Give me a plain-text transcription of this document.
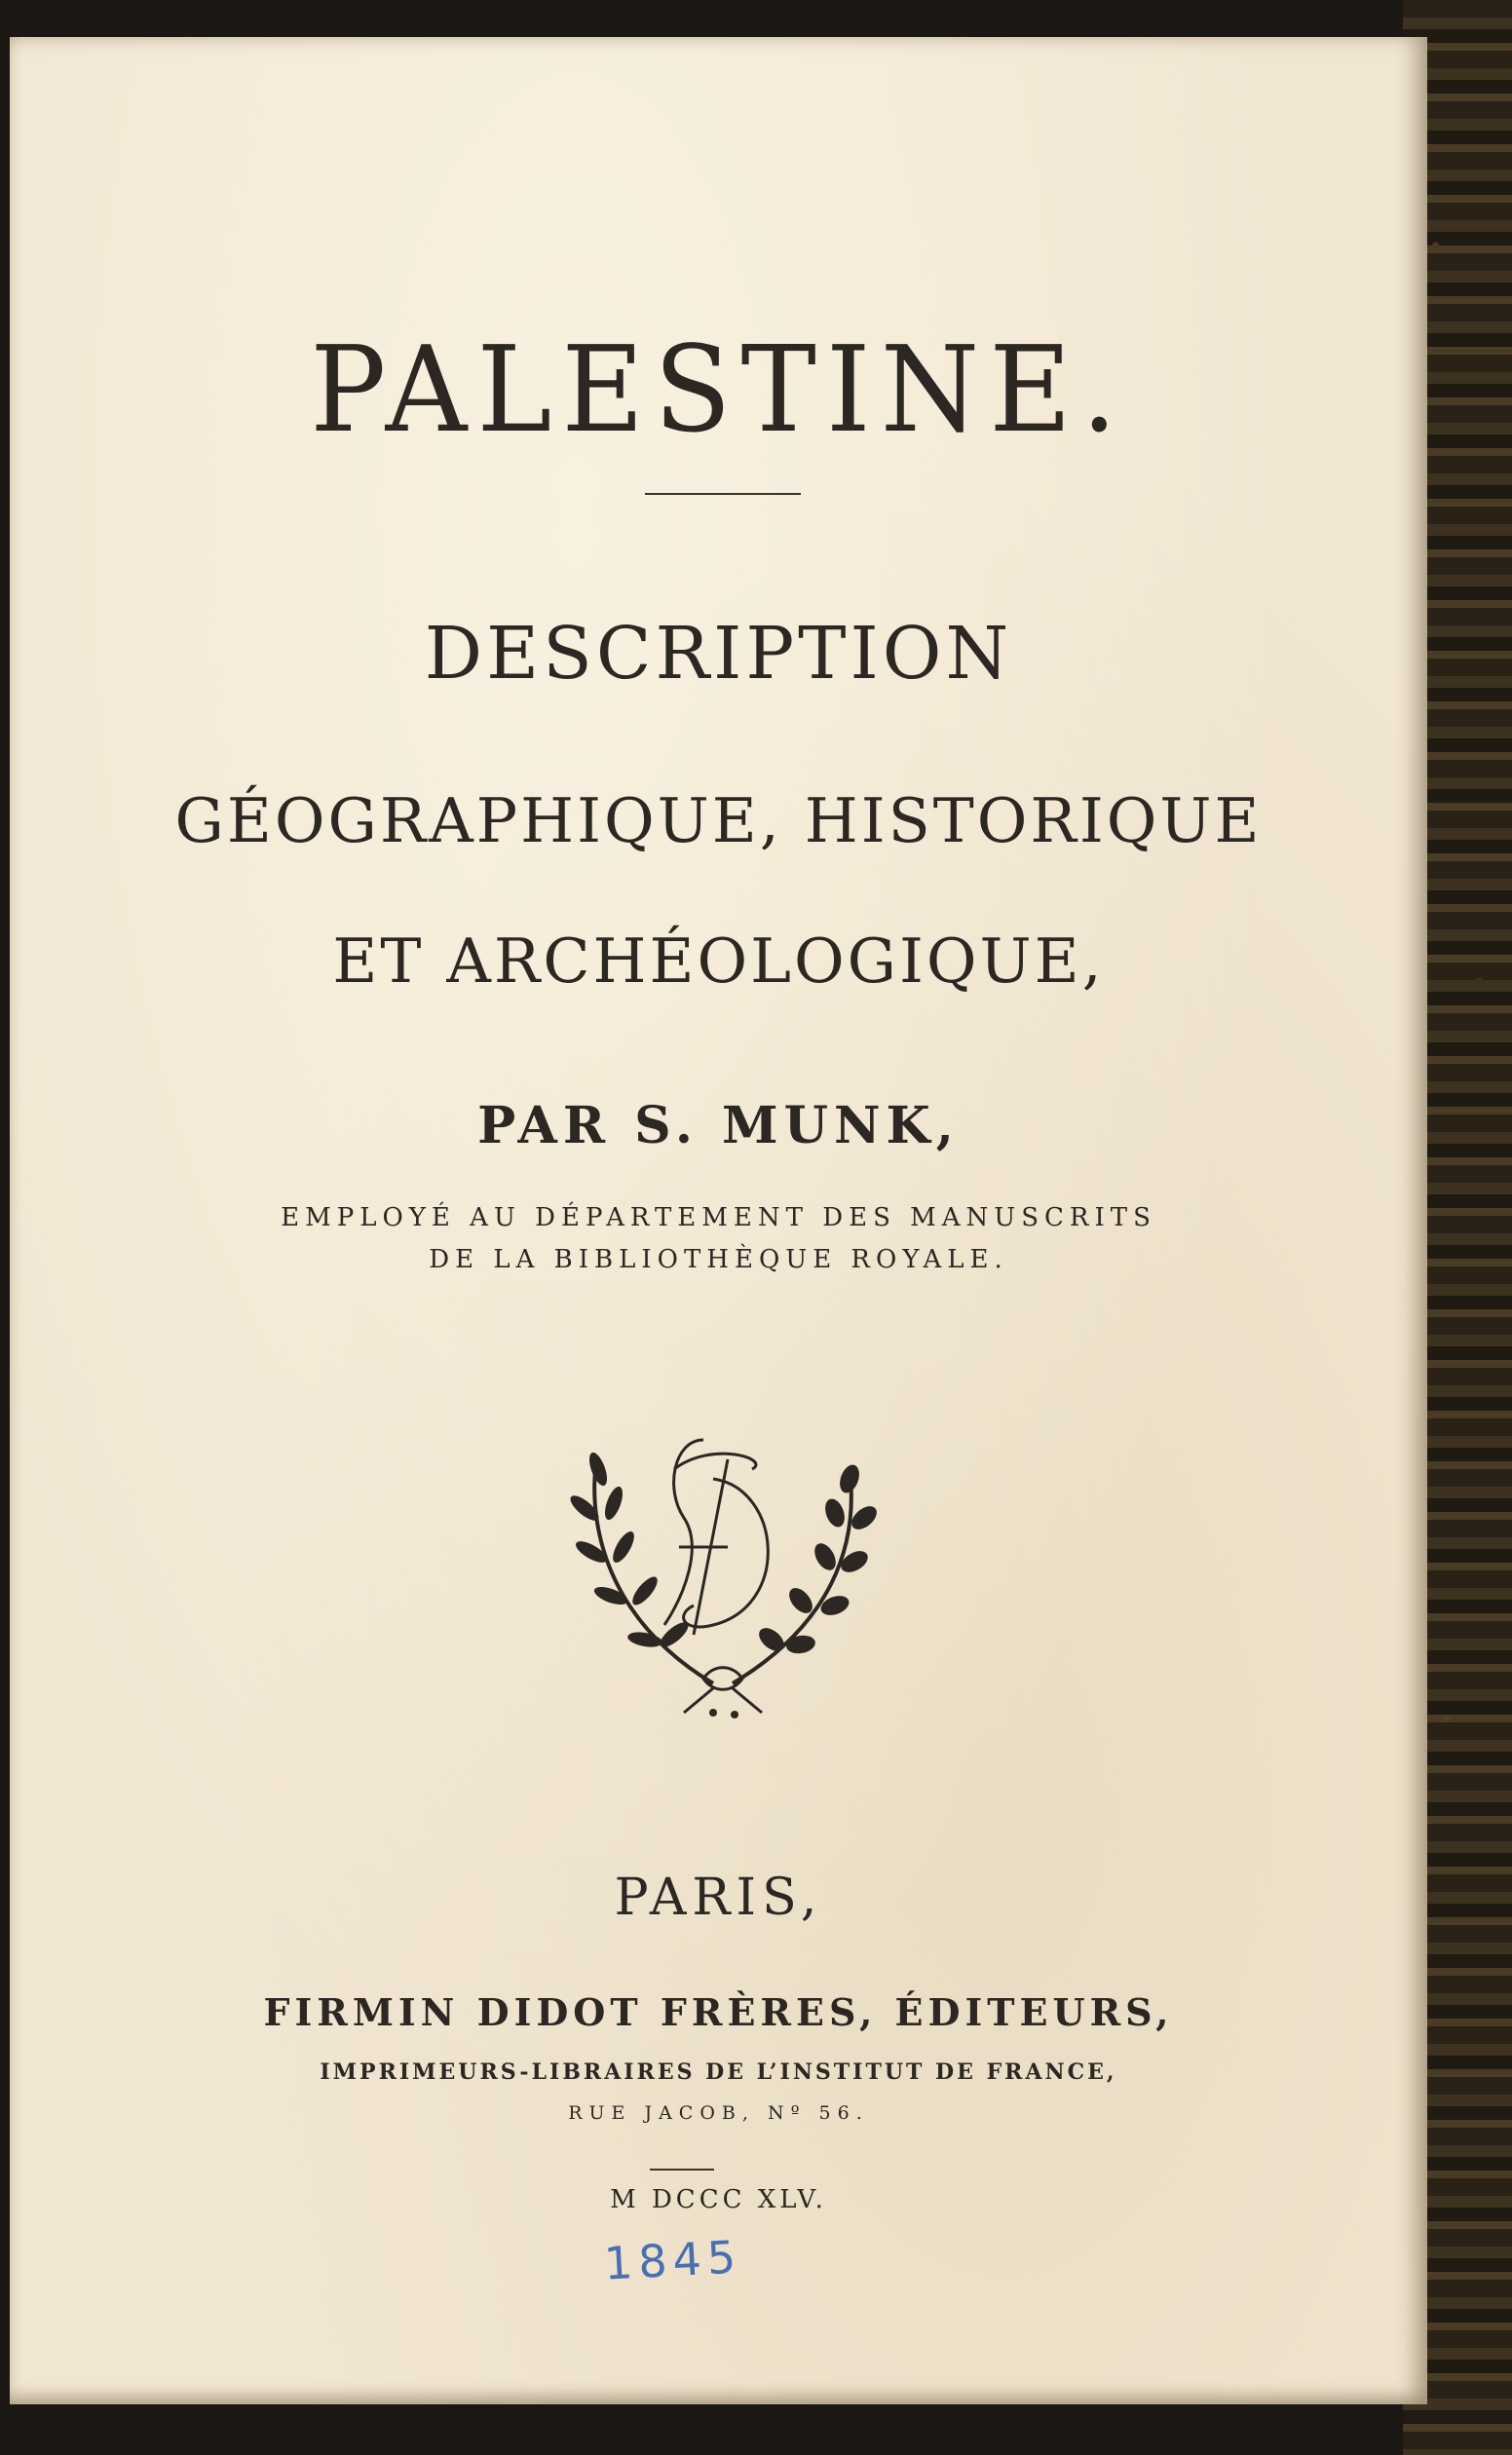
PALESTINE.
DESCRIPTION
GÉOGRAPHIQUE, HISTORIQUE
ET ARCHÉOLOGIQUE,
PAR S. MUNK,
EMPLOYÉ AU DÉPARTEMENT DES MANUSCRITS
DE LA BIBLIOTHÈQUE ROYALE.
PARIS,
FIRMIN DIDOT FRÈRES, ÉDITEURS,
IMPRIMEURS-LIBRAIRES DE L’INSTITUT DE FRANCE,
RUE JACOB, Nº 56.
M DCCC XLV.
1845
